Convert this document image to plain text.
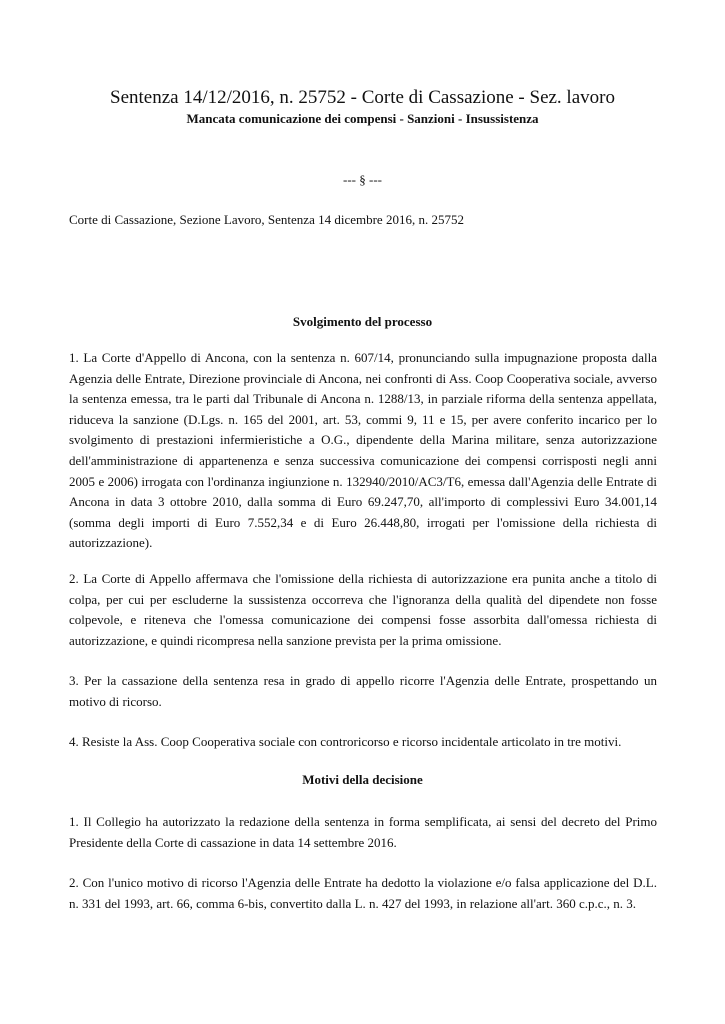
Sentenza 14/12/2016, n. 25752 - Corte di Cassazione - Sez. lavoro

Mancata comunicazione dei compensi - Sanzioni - Insussistenza

--- § ---

Corte di Cassazione, Sezione Lavoro, Sentenza 14 dicembre 2016, n. 25752

Svolgimento del processo

1. La Corte d'Appello di Ancona, con la sentenza n. 607/14, pronunciando sulla impugnazione proposta dalla Agenzia delle Entrate, Direzione provinciale di Ancona, nei confronti di Ass. Coop Cooperativa sociale, avverso la sentenza emessa, tra le parti dal Tribunale di Ancona n. 1288/13, in parziale riforma della sentenza appellata, riduceva la sanzione (D.Lgs. n. 165 del 2001, art. 53, commi 9, 11 e 15, per avere conferito incarico per lo svolgimento di prestazioni infermieristiche a O.G., dipendente della Marina militare, senza autorizzazione dell'amministrazione di appartenenza e senza successiva comunicazione dei compensi corrisposti negli anni 2005 e 2006) irrogata con l'ordinanza ingiunzione n. 132940/2010/AC3/T6, emessa dall'Agenzia delle Entrate di Ancona in data 3 ottobre 2010, dalla somma di Euro 69.247,70, all'importo di complessivi Euro 34.001,14 (somma degli importi di Euro 7.552,34 e di Euro 26.448,80, irrogati per l'omissione della richiesta di autorizzazione).

2. La Corte di Appello affermava che l'omissione della richiesta di autorizzazione era punita anche a titolo di colpa, per cui per escluderne la sussistenza occorreva che l'ignoranza della qualità del dipendete non fosse colpevole, e riteneva che l'omessa comunicazione dei compensi fosse assorbita dall'omessa richiesta di autorizzazione, e quindi ricompresa nella sanzione prevista per la prima omissione.

3. Per la cassazione della sentenza resa in grado di appello ricorre l'Agenzia delle Entrate, prospettando un motivo di ricorso.

4. Resiste la Ass. Coop Cooperativa sociale con controricorso e ricorso incidentale articolato in tre motivi.

Motivi della decisione

1. Il Collegio ha autorizzato la redazione della sentenza in forma semplificata, ai sensi del decreto del Primo Presidente della Corte di cassazione in data 14 settembre 2016.

2. Con l'unico motivo di ricorso l'Agenzia delle Entrate ha dedotto la violazione e/o falsa applicazione del D.L. n. 331 del 1993, art. 66, comma 6-bis, convertito dalla L. n. 427 del 1993, in relazione all'art. 360 c.p.c., n. 3.
